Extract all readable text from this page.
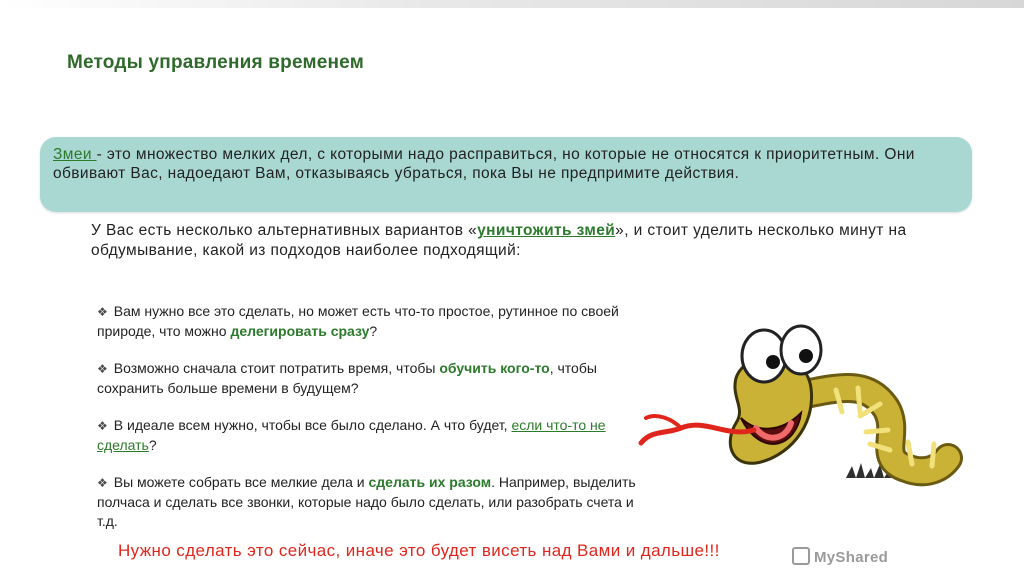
Методы управления временем
Змеи - это множество мелких дел, с которыми надо расправиться, но которые не относятся к приоритетным. Они обвивают Вас, надоедают Вам, отказываясь убраться, пока Вы не предпримите действия.
У Вас есть несколько альтернативных вариантов «уничтожить змей», и стоит уделить несколько минут на обдумывание, какой из подходов наиболее подходящий:
❖ Вам нужно все это сделать, но может есть что-то простое, рутинное по своей природе, что можно делегировать сразу?
❖ Возможно сначала стоит потратить время, чтобы обучить кого-то, чтобы сохранить больше времени в будущем?
❖ В идеале всем нужно, чтобы все было сделано. А что будет, если что-то не сделать?
❖ Вы можете собрать все мелкие дела и сделать их разом. Например, выделить полчаса и сделать все звонки, которые надо было сделать, или разобрать счета и т.д.
Нужно сделать это сейчас, иначе это будет висеть над Вами и дальше!!!	MyShared
